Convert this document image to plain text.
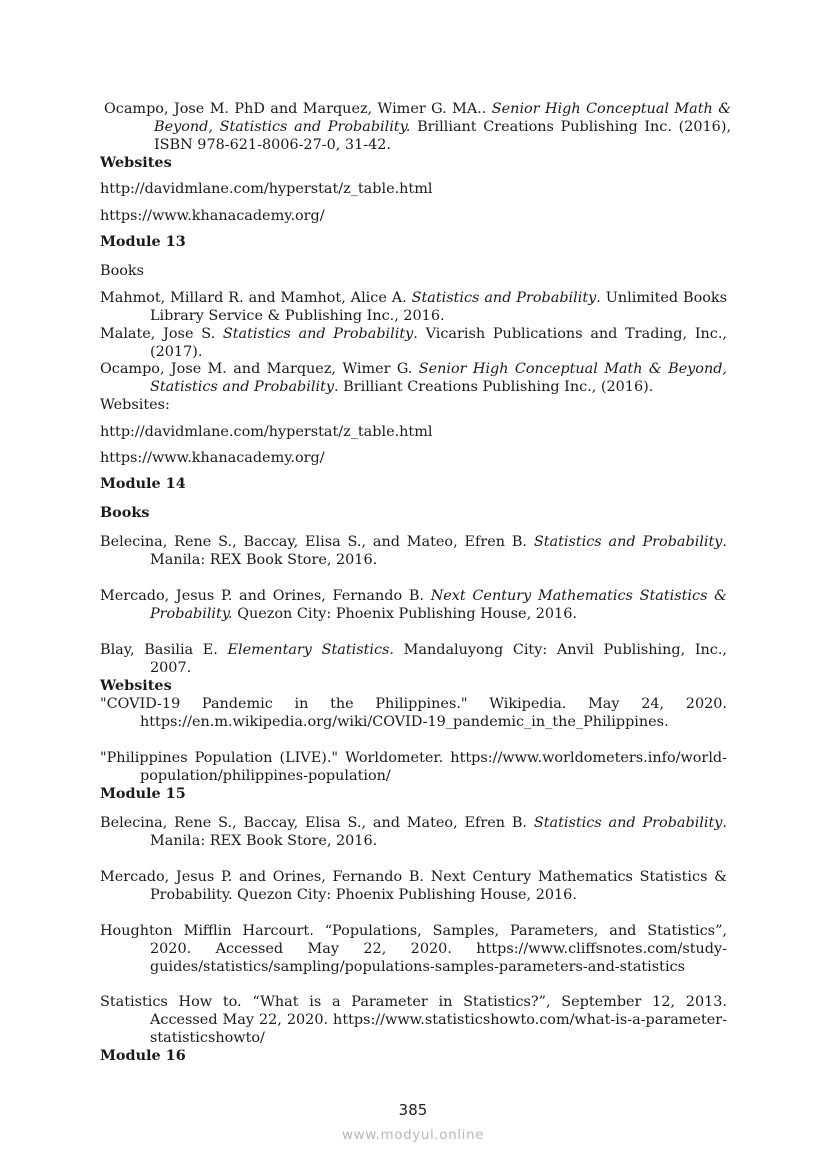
Ocampo, Jose M. PhD and Marquez, Wimer G. MA.. Senior High Conceptual Math & Beyond, Statistics and Probability. Brilliant Creations Publishing Inc. (2016), ISBN 978-621-8006-27-0, 31-42.

Websites

http://davidmlane.com/hyperstat/z_table.html

https://www.khanacademy.org/

Module 13

Books

Mahmot, Millard R. and Mamhot, Alice A. Statistics and Probability. Unlimited Books Library Service & Publishing Inc., 2016.

Malate, Jose S. Statistics and Probability. Vicarish Publications and Trading, Inc., (2017).

Ocampo, Jose M. and Marquez, Wimer G. Senior High Conceptual Math & Beyond, Statistics and Probability. Brilliant Creations Publishing Inc., (2016).

Websites:

http://davidmlane.com/hyperstat/z_table.html

https://www.khanacademy.org/

Module 14

Books

Belecina, Rene S., Baccay, Elisa S., and Mateo, Efren B. Statistics and Probability. Manila: REX Book Store, 2016.

Mercado, Jesus P. and Orines, Fernando B. Next Century Mathematics Statistics & Probability. Quezon City: Phoenix Publishing House, 2016.

Blay, Basilia E. Elementary Statistics. Mandaluyong City: Anvil Publishing, Inc., 2007.

Websites

"COVID-19 Pandemic in the Philippines." Wikipedia. May 24, 2020. https://en.m.wikipedia.org/wiki/COVID-19_pandemic_in_the_Philippines.

"Philippines Population (LIVE)." Worldometer. https://www.worldometers.info/world-population/philippines-population/

Module 15

Belecina, Rene S., Baccay, Elisa S., and Mateo, Efren B. Statistics and Probability. Manila: REX Book Store, 2016.

Mercado, Jesus P. and Orines, Fernando B. Next Century Mathematics Statistics & Probability. Quezon City: Phoenix Publishing House, 2016.

Houghton Mifflin Harcourt. “Populations, Samples, Parameters, and Statistics”, 2020. Accessed May 22, 2020. https://www.cliffsnotes.com/study-guides/statistics/sampling/populations-samples-parameters-and-statistics

Statistics How to. “What is a Parameter in Statistics?”, September 12, 2013. Accessed May 22, 2020. https://www.statisticshowto.com/what-is-a-parameter-statisticshowto/

Module 16

385
www.modyul.online
